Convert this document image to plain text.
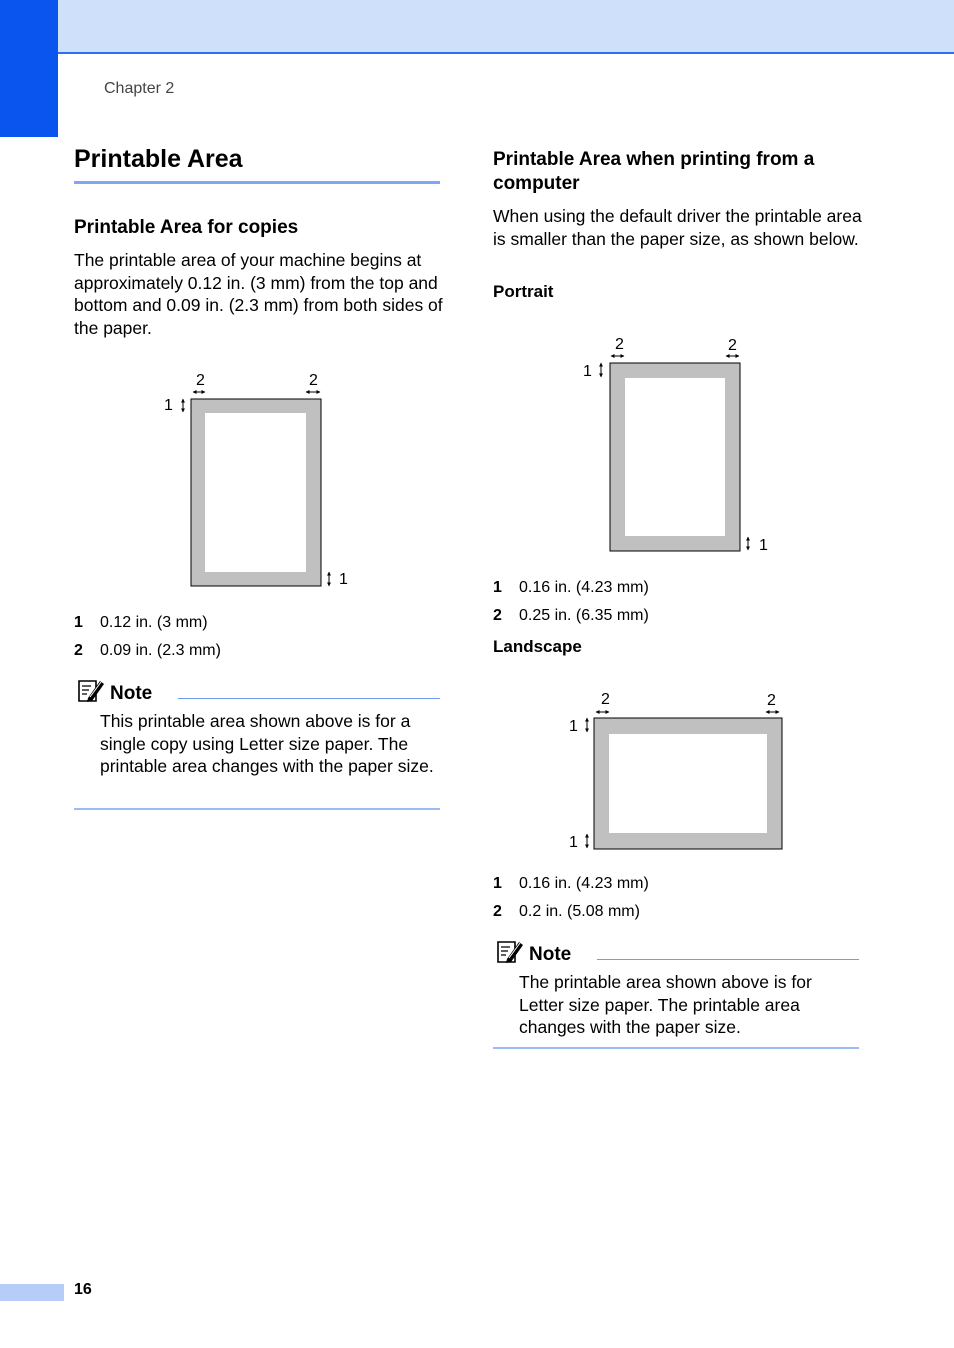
Chapter 2
Printable Area
Printable Area for copies
The printable area of your machine begins at approximately 0.12 in. (3 mm) from the top and bottom and 0.09 in. (2.3 mm) from both sides of the paper.
2	2
1
1
1 0.12 in. (3 mm)
2 0.09 in. (2.3 mm)
Note
This printable area shown above is for a single copy using Letter size paper. The printable area changes with the paper size.
Printable Area when printing from a computer
When using the default driver the printable area is smaller than the paper size, as shown below.
Portrait
2	2
1
1
1 0.16 in. (4.23 mm)
2 0.25 in. (6.35 mm)
Landscape
2	2
1
1
1 0.16 in. (4.23 mm)
2 0.2 in. (5.08 mm)
Note
The printable area shown above is for Letter size paper. The printable area changes with the paper size.
16
